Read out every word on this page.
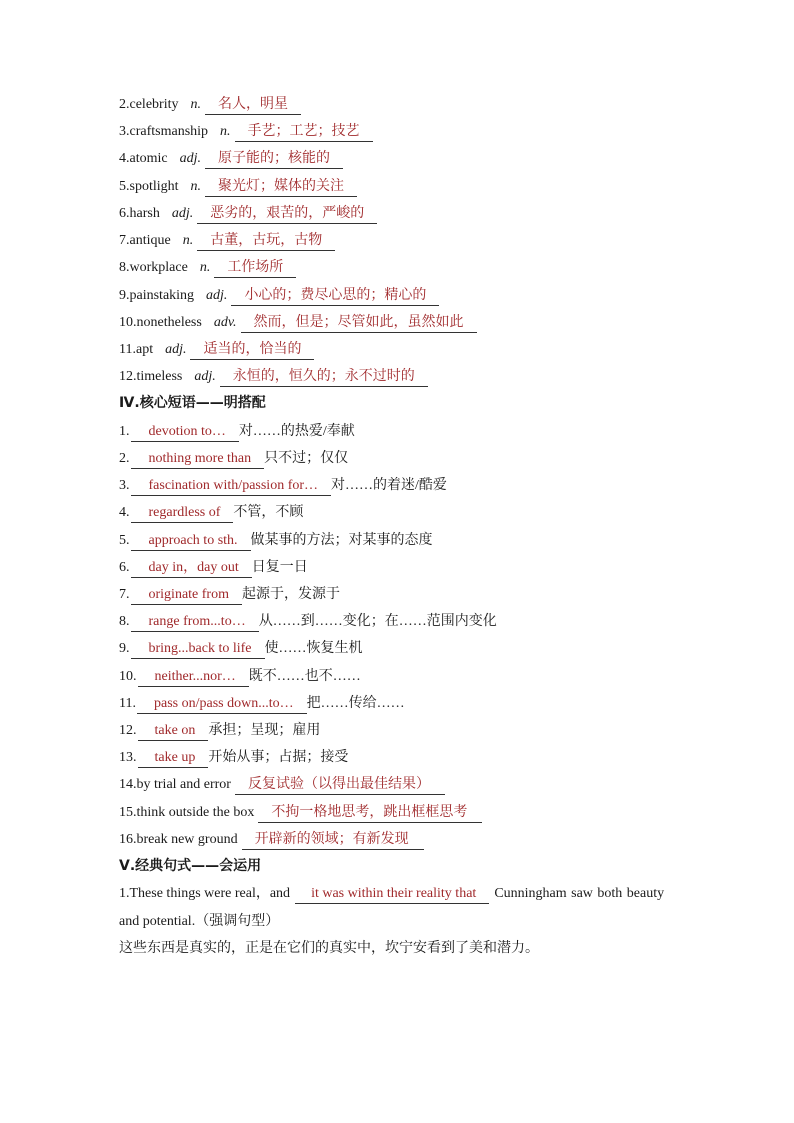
2.celebrity n.	名人，明星
3.craftsmanship n.	手艺；工艺；技艺
4.atomic adj.	原子能的；核能的
5.spotlight n.	聚光灯；媒体的关注
6.harsh adj.	恶劣的，艰苦的，严峻的
7.antique n.	古董，古玩，古物
8.workplace n.	工作场所
9.painstaking adj.	小心的；费尽心思的；精心的
10.nonetheless adv.	然而，但是；尽管如此，虽然如此
11.apt adj.	适当的，恰当的
12.timeless adj.	永恒的，恒久的；永不过时的
Ⅳ.核心短语——明搭配
1.	devotion to… 对……的热爱/奉献
2.	nothing more than 只不过；仅仅
3.	fascination with/passion for… 对……的着迷/酷爱
4.	regardless of 不管，不顾
5.	approach to sth. 做某事的方法；对某事的态度
6.	day in，day out 日复一日
7.	originate from 起源于，发源于
8.	range from...to… 从……到……变化；在……范围内变化
9.	bring...back to life 使……恢复生机
10.	neither...nor… 既不……也不……
11.	pass on/pass down...to… 把……传给……
12.	take on 承担；呈现；雇用
13.	take up 开始从事；占据；接受
14.by trial and error	反复试验（以得出最佳结果）
15.think outside the box	不拘一格地思考，跳出框框思考
16.break new ground	开辟新的领域；有新发现
Ⅴ.经典句式——会运用
1.These things were real，and	it was within their reality that	Cunningham saw both beauty
and potential.（强调句型）
这些东西是真实的，正是在它们的真实中，坎宁安看到了美和潜力。
